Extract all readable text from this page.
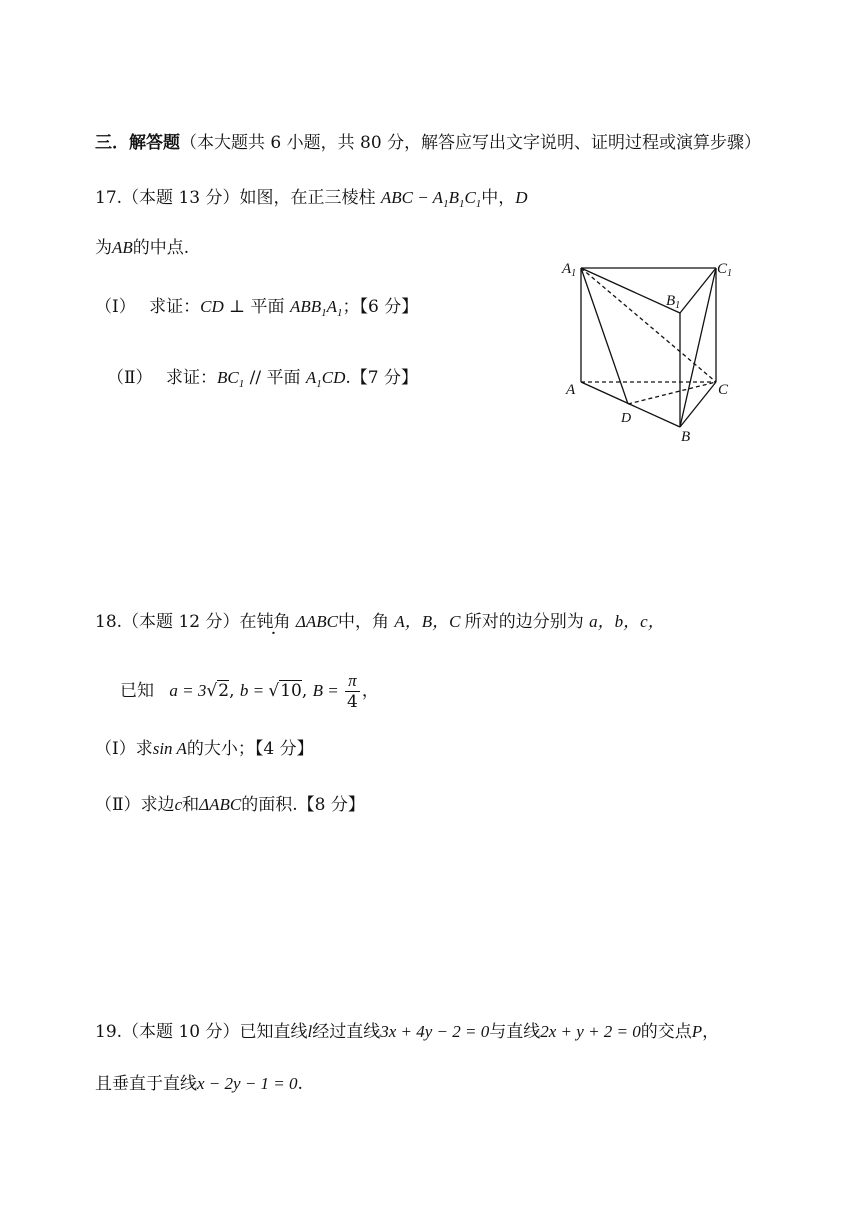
三．解答题（本大题共 6 小题，共 80 分，解答应写出文字说明、证明过程或演算步骤）
17.（本题 13 分）如图，在正三棱柱 ABC − $A_1B_1C_1$中，D
为AB的中点.
（Ⅰ） 求证：CD ⊥ 平面 $ABB_1A_1$；【6 分】
（Ⅱ） 求证：$BC_1$ // 平面 $A_1CD$.【7 分】
$A_1$	$C_1$
$B_1$
A	C
D
B
18.（本题 12 分）在钝角 ΔABC中，角 A，B，C 所对的边分别为 a，b，c，
已知 a = 3√2, b = √10, $B = \frac{\pi}{4}$ ，
（Ⅰ）求sin A的大小；【4 分】
（Ⅱ）求边c和ΔABC的面积.【8 分】
19.（本题 10 分）已知直线l经过直线3x + 4y − 2 = 0与直线2x + y + 2 = 0的交点P，
且垂直于直线x − 2y − 1 = 0.
